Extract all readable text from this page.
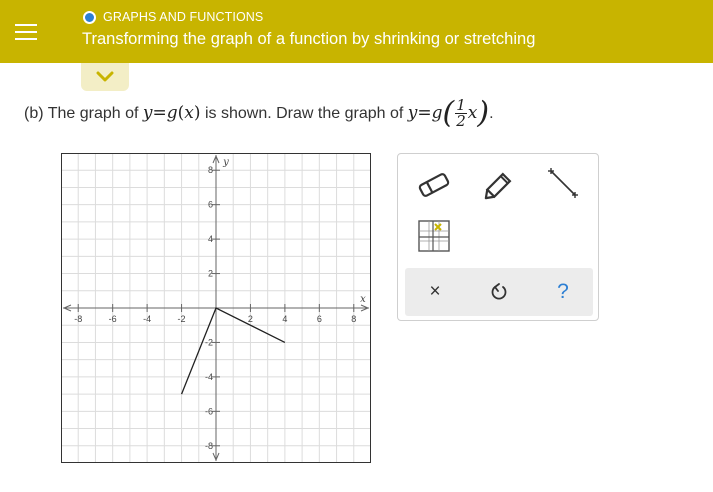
GRAPHS AND FUNCTIONS
Transforming the graph of a function by shrinking or stretching
(b) The graph of y=g(x) is shown. Draw the graph of $y=g( \frac{1}{2} x)$.
-8	-6	-4	-2	2	4	6	8
8
6
4
2
-2
-4
-6
-8
x
y
×	?
